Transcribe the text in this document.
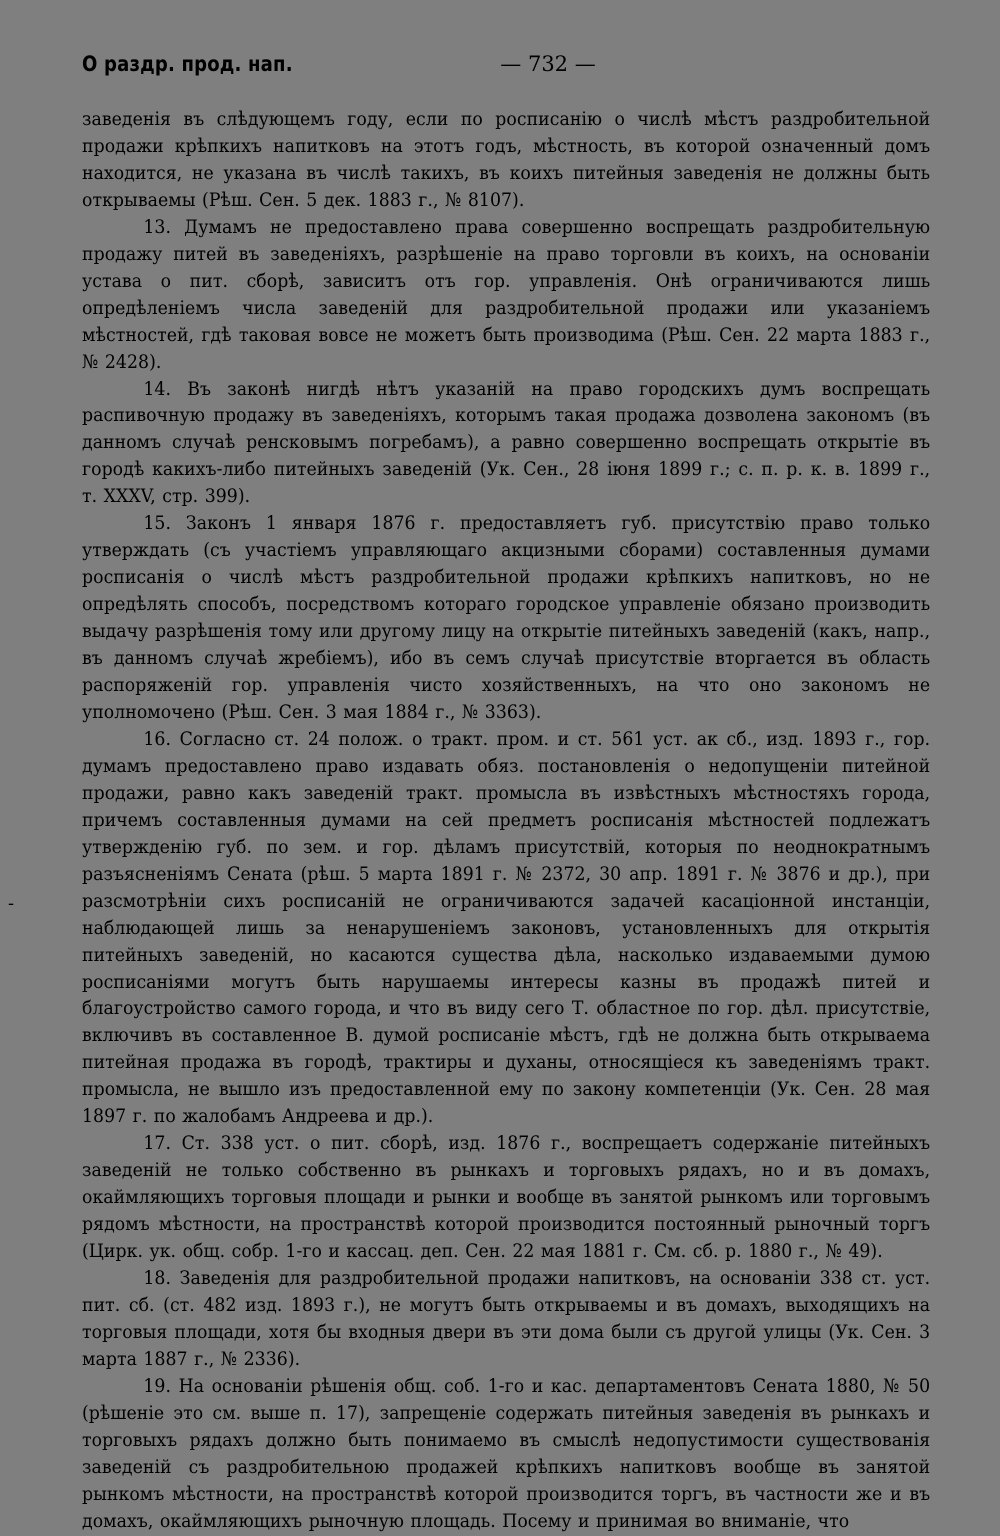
О раздр. прод. нап.	— 732 —
-

заведенія въ слѣдующемъ году, если по росписанію о числѣ мѣстъ раздробительной продажи крѣпкихъ напитковъ на этотъ годъ, мѣстность, въ которой означенный домъ находится, не указана въ числѣ такихъ, въ коихъ питейныя заведенія не должны быть открываемы (Рѣш. Сен. 5 дек. 1883 г., № 8107).

13. Думамъ не предоставлено права совершенно воспрещать раздробительную продажу питей въ заведеніяхъ, разрѣшеніе на право торговли въ коихъ, на основаніи устава о пит. сборѣ, зависитъ отъ гор. управленія. Онѣ ограничиваются лишь опредѣленіемъ числа заведеній для раздробительной продажи или указаніемъ мѣстностей, гдѣ таковая вовсе не можетъ быть производима (Рѣш. Сен. 22 марта 1883 г., № 2428).

14. Въ законѣ нигдѣ нѣтъ указаній на право городскихъ думъ воспрещать распивочную продажу въ заведеніяхъ, которымъ такая продажа дозволена закономъ (въ данномъ случаѣ ренсковымъ погребамъ), а равно совершенно воспрещать открытіе въ городѣ какихъ-либо питейныхъ заведеній (Ук. Сен., 28 іюня 1899 г.; с. п. р. к. в. 1899 г., т. XXXV, стр. 399).

15. Законъ 1 января 1876 г. предоставляетъ губ. присутствію право только утверждать (съ участіемъ управляющаго акцизными сборами) составленныя думами росписанія о числѣ мѣстъ раздробительной продажи крѣпкихъ напитковъ, но не опредѣлять способъ, посредствомъ котораго городское управленіе обязано производить выдачу разрѣшенія тому или другому лицу на открытіе питейныхъ заведеній (какъ, напр., въ данномъ случаѣ жребіемъ), ибо въ семъ случаѣ присутствіе вторгается въ область распоряженій гор. управленія чисто хозяйственныхъ, на что оно закономъ не уполномочено (Рѣш. Сен. 3 мая 1884 г., № 3363).

16. Согласно ст. 24 полож. о тракт. пром. и ст. 561 уст. ак сб., изд. 1893 г., гор. думамъ предоставлено право издавать обяз. постановленія о недопущеніи питейной продажи, равно какъ заведеній тракт. промысла въ извѣстныхъ мѣстностяхъ города, причемъ составленныя думами на сей предметъ росписанія мѣстностей подлежатъ утвержденію губ. по зем. и гор. дѣламъ присутствій, которыя по неоднократнымъ разъясненіямъ Сената (рѣш. 5 марта 1891 г. № 2372, 30 апр. 1891 г. № 3876 и др.), при разсмотрѣніи сихъ росписаній не ограничиваются задачей касаціонной инстанціи, наблюдающей лишь за ненарушеніемъ законовъ, установленныхъ для открытія питейныхъ заведеній, но касаются существа дѣла, насколько издаваемыми думою росписаніями могутъ быть нарушаемы интересы казны въ продажѣ питей и благоустройство самого города, и что въ виду сего Т. областное по гор. дѣл. присутствіе, включивъ въ составленное В. думой росписаніе мѣстъ, гдѣ не должна быть открываема питейная продажа въ городѣ, трактиры и духаны, относящіеся къ заведеніямъ тракт. промысла, не вышло изъ предоставленной ему по закону компетенціи (Ук. Сен. 28 мая 1897 г. по жалобамъ Андреева и др.).

17. Ст. 338 уст. о пит. сборѣ, изд. 1876 г., воспрещаетъ содержаніе питейныхъ заведеній не только собственно въ рынкахъ и торговыхъ рядахъ, но и въ домахъ, окаймляющихъ торговыя площади и рынки и вообще въ занятой рынкомъ или торговымъ рядомъ мѣстности, на пространствѣ которой производится постоянный рыночный торгъ (Цирк. ук. общ. собр. 1-го и кассац. деп. Сен. 22 мая 1881 г. См. сб. р. 1880 г., № 49).

18. Заведенія для раздробительной продажи напитковъ, на основаніи 338 ст. уст. пит. сб. (ст. 482 изд. 1893 г.), не могутъ быть открываемы и въ домахъ, выходящихъ на торговыя площади, хотя бы входныя двери въ эти дома были съ другой улицы (Ук. Сен. 3 марта 1887 г., № 2336).

19. На основаніи рѣшенія общ. соб. 1-го и кас. департаментовъ Сената 1880, № 50 (рѣшеніе это см. выше п. 17), запрещеніе содержать питейныя заведенія въ рынкахъ и торговыхъ рядахъ должно быть понимаемо въ смыслѣ недопустимости существованія заведеній съ раздробительною продажей крѣпкихъ напитковъ вообще въ занятой рынкомъ мѣстности, на пространствѣ которой производится торгъ, въ частности же и въ домахъ, окаймляющихъ рыночную площадь. Посему и принимая во вниманіе, что
